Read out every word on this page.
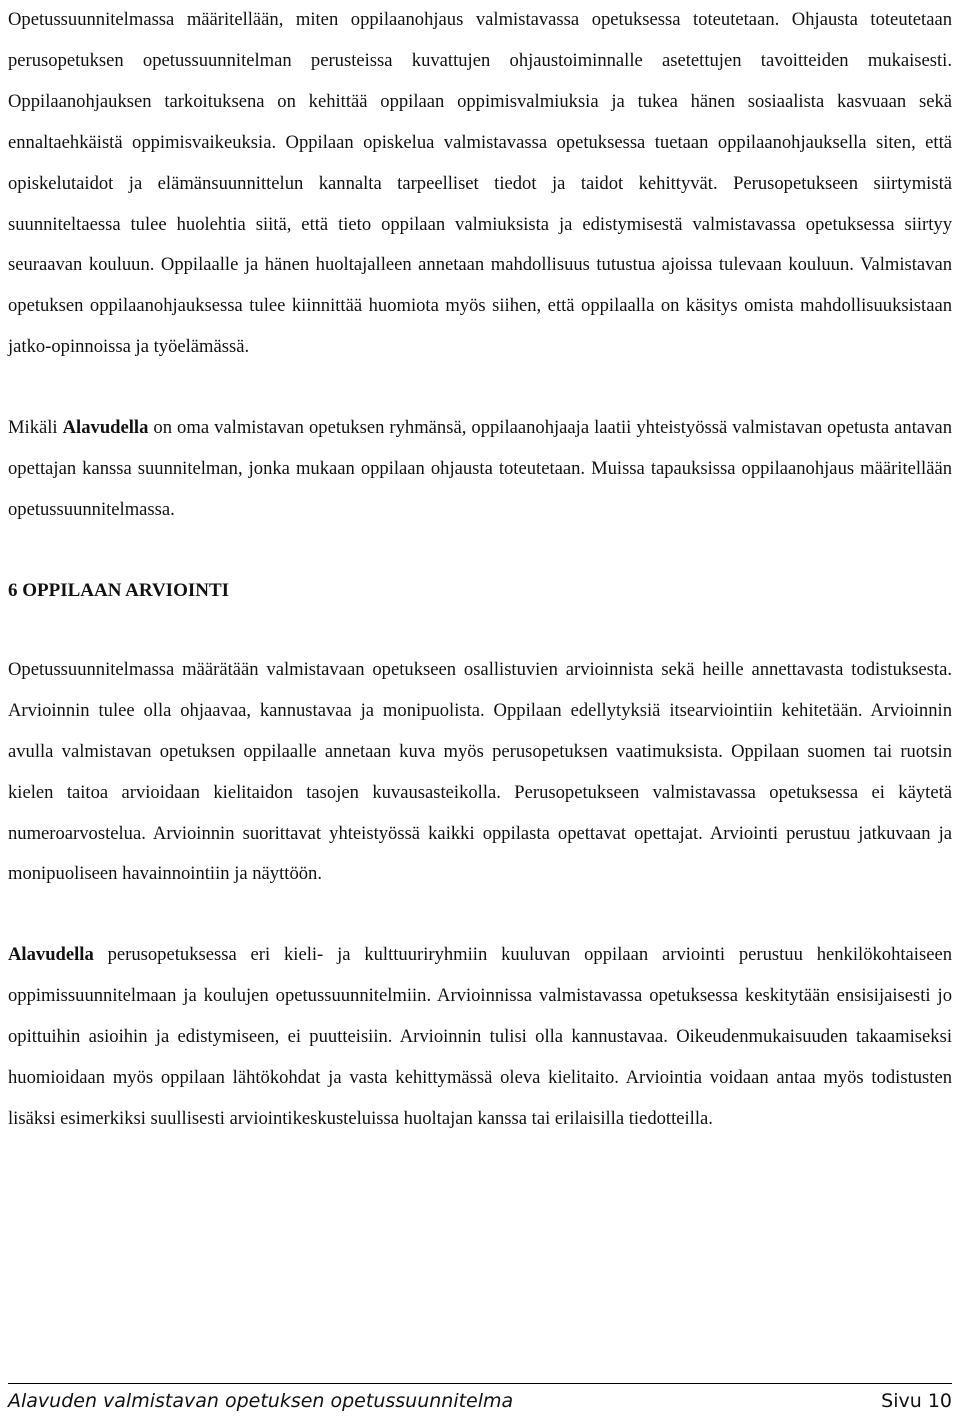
Opetussuunnitelmassa määritellään, miten oppilaanohjaus valmistavassa opetuksessa toteutetaan. Ohjausta toteutetaan perusopetuksen opetussuunnitelman perusteissa kuvattujen ohjaustoiminnalle asetettujen tavoitteiden mukaisesti. Oppilaanohjauksen tarkoituksena on kehittää oppilaan oppimisvalmiuksia ja tukea hänen sosiaalista kasvuaan sekä ennaltaehkäistä oppimisvaikeuksia. Oppilaan opiskelua valmistavassa opetuksessa tuetaan oppilaanohjauksella siten, että opiskelutaidot ja elämänsuunnittelun kannalta tarpeelliset tiedot ja taidot kehittyvät. Perusopetukseen siirtymistä suunniteltaessa tulee huolehtia siitä, että tieto oppilaan valmiuksista ja edistymisestä valmistavassa opetuksessa siirtyy seuraavan kouluun. Oppilaalle ja hänen huoltajalleen annetaan mahdollisuus tutustua ajoissa tulevaan kouluun. Valmistavan opetuksen oppilaanohjauksessa tulee kiinnittää huomiota myös siihen, että oppilaalla on käsitys omista mahdollisuuksistaan jatko-opinnoissa ja työelämässä.

Mikäli Alavudella on oma valmistavan opetuksen ryhmänsä, oppilaanohjaaja laatii yhteistyössä valmistavan opetusta antavan opettajan kanssa suunnitelman, jonka mukaan oppilaan ohjausta toteutetaan. Muissa tapauksissa oppilaanohjaus määritellään opetussuunnitelmassa.

6 OPPILAAN ARVIOINTI

Opetussuunnitelmassa määrätään valmistavaan opetukseen osallistuvien arvioinnista sekä heille annettavasta todistuksesta. Arvioinnin tulee olla ohjaavaa, kannustavaa ja monipuolista. Oppilaan edellytyksiä itsearviointiin kehitetään. Arvioinnin avulla valmistavan opetuksen oppilaalle annetaan kuva myös perusopetuksen vaatimuksista. Oppilaan suomen tai ruotsin kielen taitoa arvioidaan kielitaidon tasojen kuvausasteikolla. Perusopetukseen valmistavassa opetuksessa ei käytetä numeroarvostelua. Arvioinnin suorittavat yhteistyössä kaikki oppilasta opettavat opettajat. Arviointi perustuu jatkuvaan ja monipuoliseen havainnointiin ja näyttöön.

Alavudella perusopetuksessa eri kieli- ja kulttuuriryhmiin kuuluvan oppilaan arviointi perustuu henkilökohtaiseen oppimissuunnitelmaan ja koulujen opetussuunnitelmiin. Arvioinnissa valmistavassa opetuksessa keskitytään ensisijaisesti jo opittuihin asioihin ja edistymiseen, ei puutteisiin. Arvioinnin tulisi olla kannustavaa. Oikeudenmukaisuuden takaamiseksi huomioidaan myös oppilaan lähtökohdat ja vasta kehittymässä oleva kielitaito. Arviointia voidaan antaa myös todistusten lisäksi esimerkiksi suullisesti arviointikeskusteluissa huoltajan kanssa tai erilaisilla tiedotteilla.

Alavuden valmistavan opetuksen opetussuunnitelma	Sivu 10
